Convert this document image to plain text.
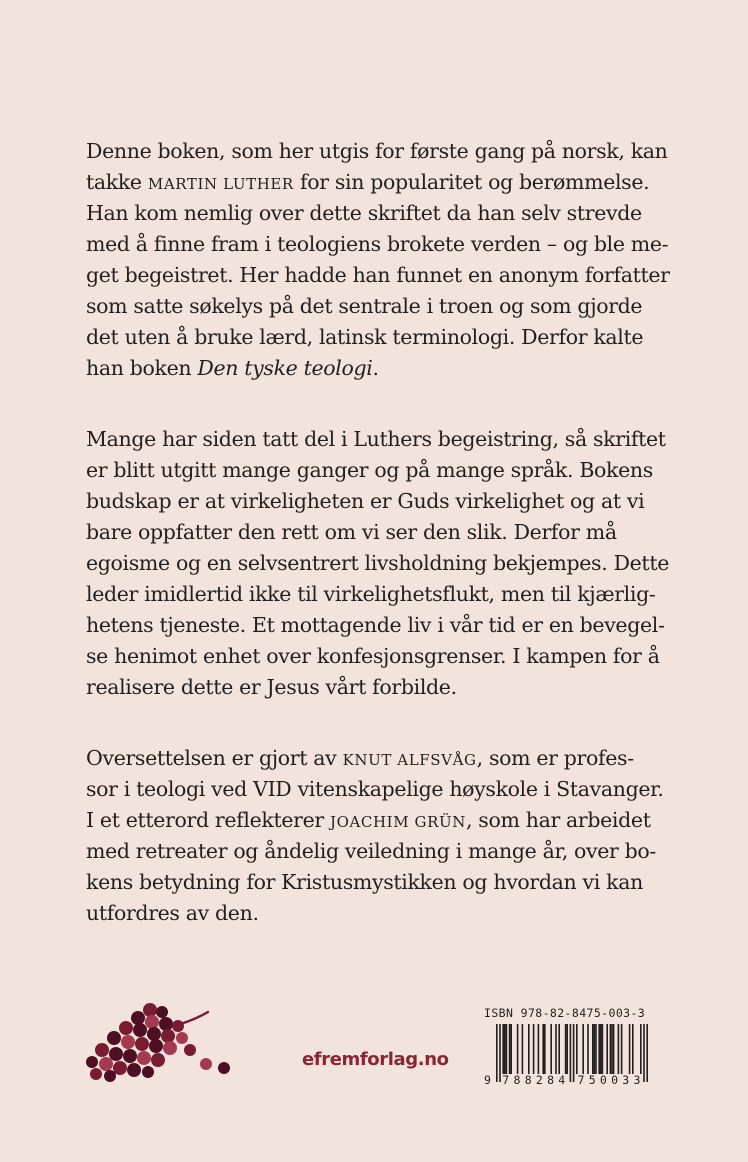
Denne boken, som her utgis for første gang på norsk, kan
takke MARTIN LUTHER for sin popularitet og berømmelse.
Han kom nemlig over dette skriftet da han selv strevde
med å finne fram i teologiens brokete verden – og ble me-
get begeistret. Her hadde han funnet en anonym forfatter
som satte søkelys på det sentrale i troen og som gjorde
det uten å bruke lærd, latinsk terminologi. Derfor kalte
han boken Den tyske teologi.

Mange har siden tatt del i Luthers begeistring, så skriftet
er blitt utgitt mange ganger og på mange språk. Bokens
budskap er at virkeligheten er Guds virkelighet og at vi
bare oppfatter den rett om vi ser den slik. Derfor må
egoisme og en selvsentrert livsholdning bekjempes. Dette
leder imidlertid ikke til virkelighetsflukt, men til kjærlig-
hetens tjeneste. Et mottagende liv i vår tid er en bevegel-
se henimot enhet over konfesjonsgrenser. I kampen for å
realisere dette er Jesus vårt forbilde.

Oversettelsen er gjort av KNUT ALFSVÅG, som er profes-
sor i teologi ved VID vitenskapelige høyskole i Stavanger.
I et etterord reflekterer JOACHIM GRÜN, som har arbeidet
med retreater og åndelig veiledning i mange år, over bo-
kens betydning for Kristusmystikken og hvordan vi kan
utfordres av den.

efremforlag.no
ISBN 978-82-8475-003-3
9 7 8 8 2 8 4 7 5 0 0 3 3
